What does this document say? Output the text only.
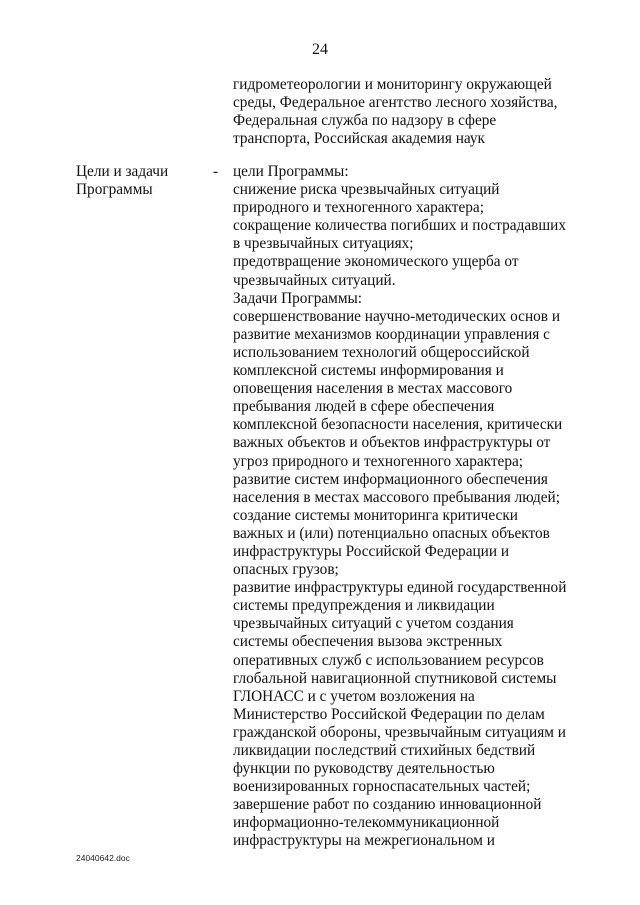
24
гидрометеорологии и мониторингу окружающей
среды, Федеральное агентство лесного хозяйства,
Федеральная служба по надзору в сфере
транспорта, Российская академия наук
Цели и задачи
Программы
- цели Программы:
снижение риска чрезвычайных ситуаций
природного и техногенного характера;
сокращение количества погибших и пострадавших
в чрезвычайных ситуациях;
предотвращение экономического ущерба от
чрезвычайных ситуаций.
Задачи Программы:
совершенствование научно-методических основ и
развитие механизмов координации управления с
использованием технологий общероссийской
комплексной системы информирования и
оповещения населения в местах массового
пребывания людей в сфере обеспечения
комплексной безопасности населения, критически
важных объектов и объектов инфраструктуры от
угроз природного и техногенного характера;
развитие систем информационного обеспечения
населения в местах массового пребывания людей;
создание системы мониторинга критически
важных и (или) потенциально опасных объектов
инфраструктуры Российской Федерации и
опасных грузов;
развитие инфраструктуры единой государственной
системы предупреждения и ликвидации
чрезвычайных ситуаций с учетом создания
системы обеспечения вызова экстренных
оперативных служб с использованием ресурсов
глобальной навигационной спутниковой системы
ГЛОНАСС и с учетом возложения на
Министерство Российской Федерации по делам
гражданской обороны, чрезвычайным ситуациям и
ликвидации последствий стихийных бедствий
функции по руководству деятельностью
военизированных горноспасательных частей;
завершение работ по созданию инновационной
информационно-телекоммуникационной
инфраструктуры на межрегиональном и
24040642.doc
